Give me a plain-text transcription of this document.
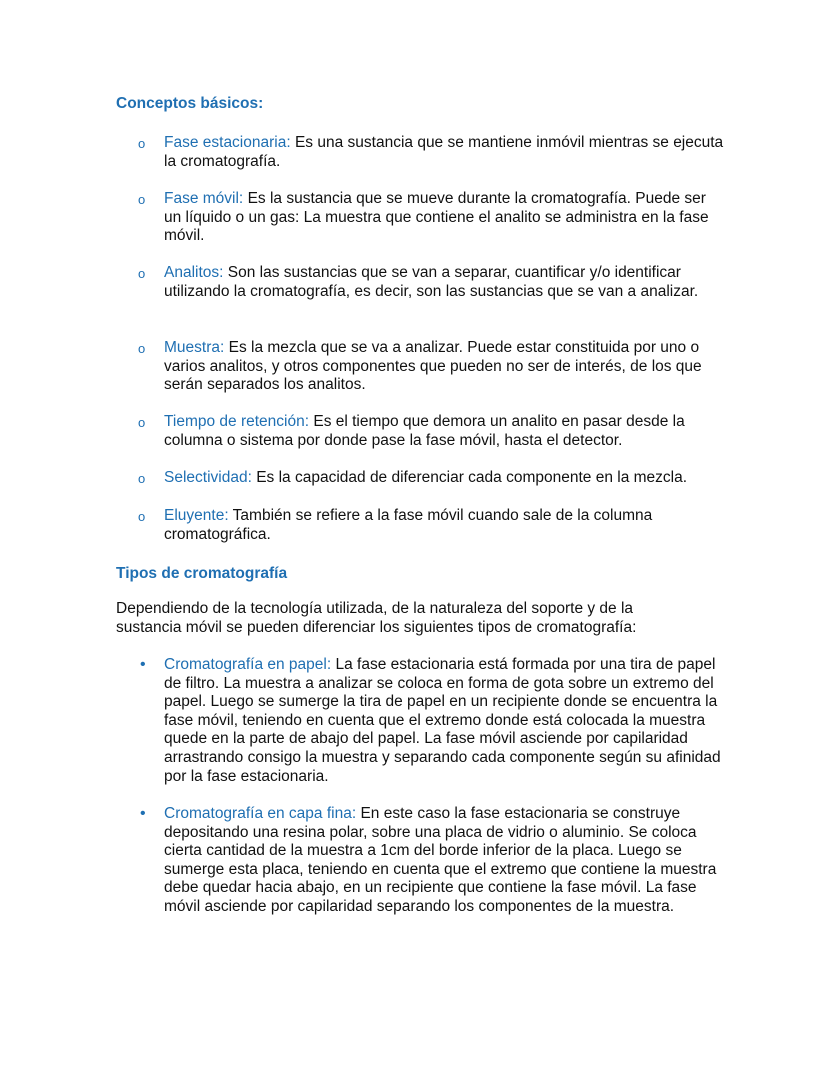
Conceptos básicos:

o Fase estacionaria: Es una sustancia que se mantiene inmóvil mientras se ejecuta la cromatografía.

o Fase móvil: Es la sustancia que se mueve durante la cromatografía. Puede ser un líquido o un gas: La muestra que contiene el analito se administra en la fase móvil.

o Analitos: Son las sustancias que se van a separar, cuantificar y/o identificar utilizando la cromatografía, es decir, son las sustancias que se van a analizar.

o Muestra: Es la mezcla que se va a analizar. Puede estar constituida por uno o varios analitos, y otros componentes que pueden no ser de interés, de los que serán separados los analitos.

o Tiempo de retención: Es el tiempo que demora un analito en pasar desde la columna o sistema por donde pase la fase móvil, hasta el detector.

o Selectividad: Es la capacidad de diferenciar cada componente en la mezcla.

o Eluyente: También se refiere a la fase móvil cuando sale de la columna cromatográfica.

Tipos de cromatografía

Dependiendo de la tecnología utilizada, de la naturaleza del soporte y de la sustancia móvil se pueden diferenciar los siguientes tipos de cromatografía:

• Cromatografía en papel: La fase estacionaria está formada por una tira de papel de filtro. La muestra a analizar se coloca en forma de gota sobre un extremo del papel. Luego se sumerge la tira de papel en un recipiente donde se encuentra la fase móvil, teniendo en cuenta que el extremo donde está colocada la muestra quede en la parte de abajo del papel. La fase móvil asciende por capilaridad arrastrando consigo la muestra y separando cada componente según su afinidad por la fase estacionaria.

• Cromatografía en capa fina: En este caso la fase estacionaria se construye depositando una resina polar, sobre una placa de vidrio o aluminio. Se coloca cierta cantidad de la muestra a 1cm del borde inferior de la placa. Luego se sumerge esta placa, teniendo en cuenta que el extremo que contiene la muestra debe quedar hacia abajo, en un recipiente que contiene la fase móvil. La fase móvil asciende por capilaridad separando los componentes de la muestra.
